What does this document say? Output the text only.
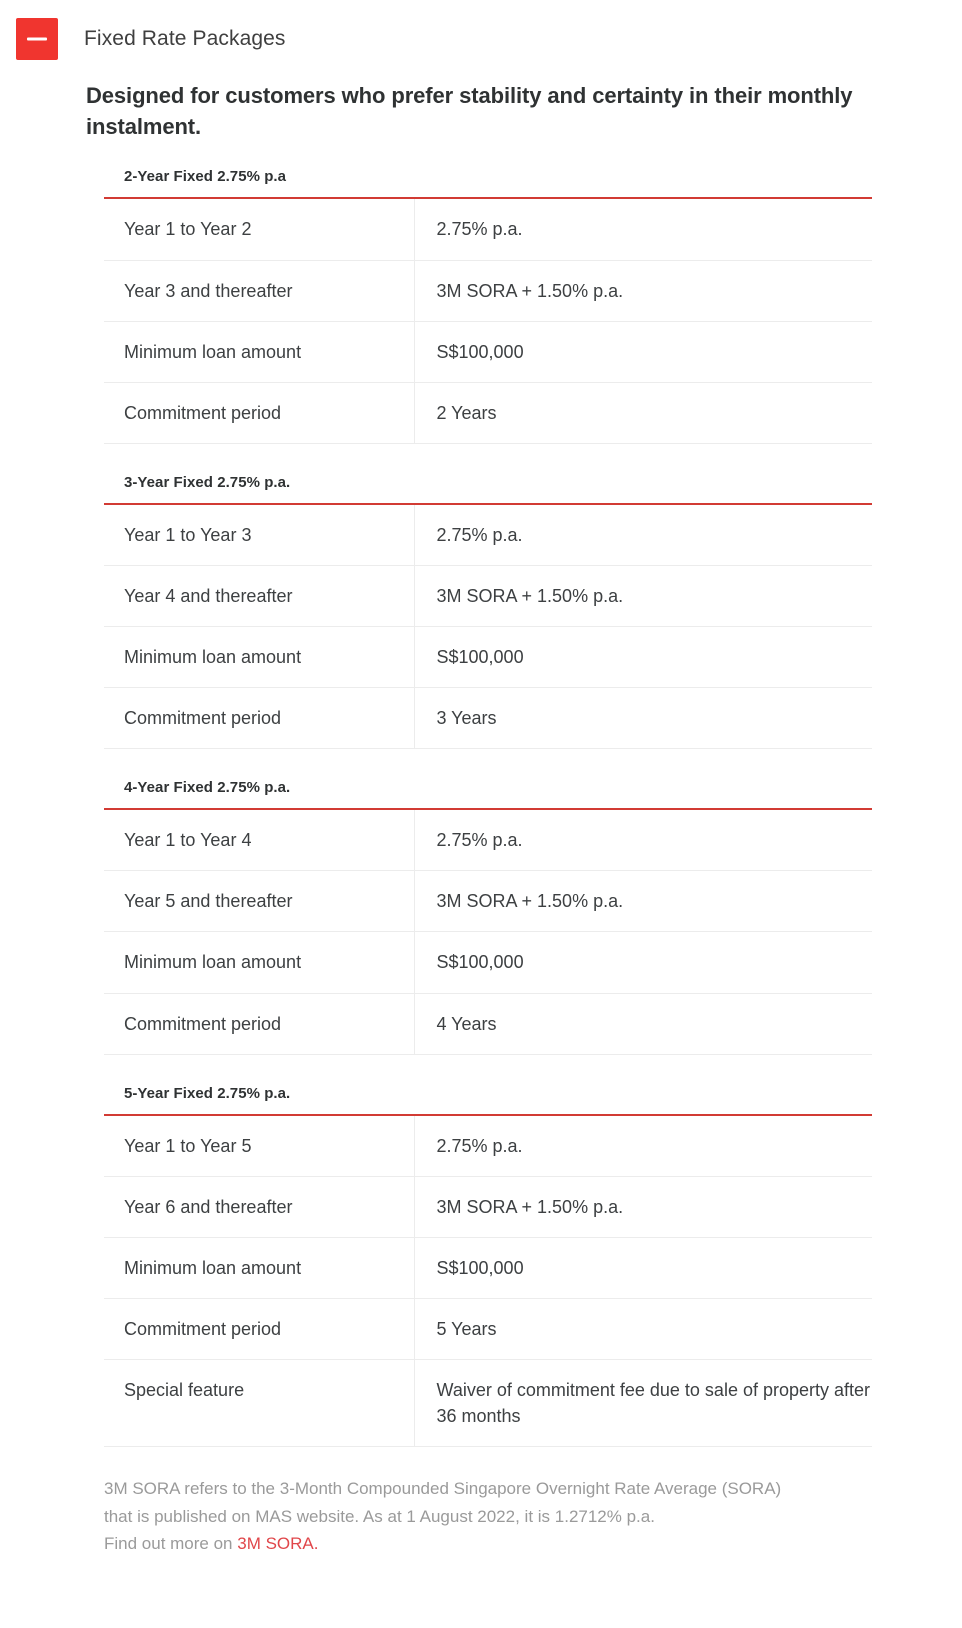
Fixed Rate Packages

Designed for customers who prefer stability and certainty in their monthly instalment.

2-Year Fixed 2.75% p.a
Year 1 to Year 2	2.75% p.a.
Year 3 and thereafter	3M SORA + 1.50% p.a.
Minimum loan amount	S$100,000
Commitment period	2 Years
3-Year Fixed 2.75% p.a.
Year 1 to Year 3	2.75% p.a.
Year 4 and thereafter	3M SORA + 1.50% p.a.
Minimum loan amount	S$100,000
Commitment period	3 Years
4-Year Fixed 2.75% p.a.
Year 1 to Year 4	2.75% p.a.
Year 5 and thereafter	3M SORA + 1.50% p.a.
Minimum loan amount	S$100,000
Commitment period	4 Years
5-Year Fixed 2.75% p.a.
Year 1 to Year 5	2.75% p.a.
Year 6 and thereafter	3M SORA + 1.50% p.a.
Minimum loan amount	S$100,000
Commitment period	5 Years
Special feature	Waiver of commitment fee due to sale of property after 36 months
3M SORA refers to the 3-Month Compounded Singapore Overnight Rate Average (SORA)
that is published on MAS website. As at 1 August 2022, it is 1.2712% p.a.
Find out more on 3M SORA.
